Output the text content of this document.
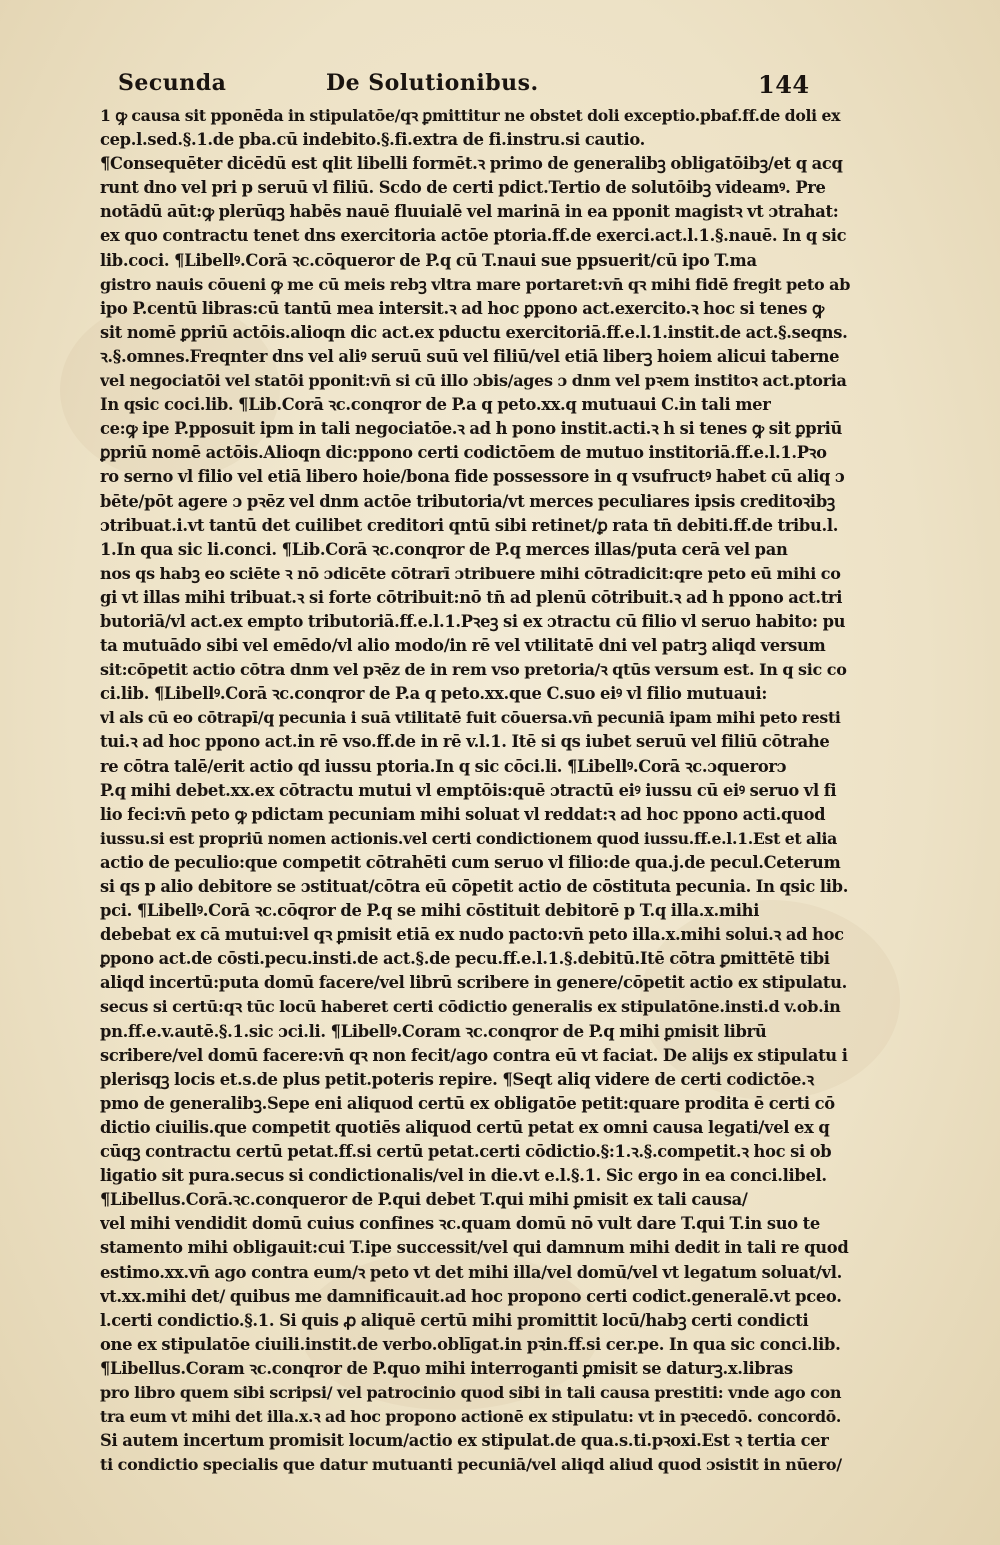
Secunda	De Solutionibus.	144
1 ꝙ causa sit pponēda in stipulatōe/qꝛ ꝑmittitur ne obstet doli exceptio.pbaf.ff.de doli ex
cep.l.sed.§.1.de pba.cū indebito.§.fi.extra de fi.instru.si cautio.
¶Consequēter dicēdū est qlit libelli formēt.ꝛ primo de generalibꝫ obligatōibꝫ/et q acq
runt dno vel pri p seruū vl filiū. Scdo de certi pdict.Tertio de solutōibꝫ videamꝰ. Pre
notādū aūt:ꝙ plerūqꝫ habēs nauē fluuialē vel marinā in ea pponit magistꝛ vt ɔtrahat:
ex quo contractu tenet dns exercitoria actōe ptoria.ff.de exerci.act.l.1.§.nauē. In q sic
lib.coci. ¶Libellꝰ.Corā ꝛc.cōqueror de P.q cū T.naui sue ppsuerit/cū ipo T.ma
gistro nauis cōueni ꝙ me cū meis rebꝫ vltra mare portaret:vn̄ qꝛ mihi fidē fregit peto ab
ipo P.centū libras:cū tantū mea intersit.ꝛ ad hoc ꝑpono act.exercito.ꝛ hoc si tenes ꝙ
sit nomē ꝑpriū actōis.alioqn dic act.ex pductu exercitoriā.ff.e.l.1.instit.de act.§.seqns.
ꝛ.§.omnes.Freqnter dns vel aliꝰ seruū suū vel filiū/vel etiā liberꝫ hoiem alicui taberne
vel negociatōi vel statōi pponit:vn̄ si cū illo ɔbis/ages ɔ dnm vel pꝛem institoꝛ act.ptoria
In qsic coci.lib. ¶Lib.Corā ꝛc.conqror de P.a q peto.xx.q mutuaui C.in tali mer
ce:ꝙ ipe P.pposuit ipm in tali negociatōe.ꝛ ad h pono instit.acti.ꝛ h si tenes ꝙ sit ꝑpriū
ꝑpriū nomē actōis.Alioqn dic:ppono certi codictōem de mutuo institoriā.ff.e.l.1.Pꝛo
ro serno vl filio vel etiā libero hoie/bona fide possessore in q vsufructꝰ habet cū aliq ɔ
bēte/pōt agere ɔ pꝛēz vel dnm actōe tributoria/vt merces peculiares ipsis creditoꝛibꝫ
ɔtribuat.i.vt tantū det cuilibet creditori qntū sibi retinet/ꝑ rata tn̄ debiti.ff.de tribu.l.
1.In qua sic li.conci. ¶Lib.Corā ꝛc.conqror de P.q merces illas/puta cerā vel pan
nos qs habꝫ eo sciēte ꝛ nō ɔdicēte cōtrarī ɔtribuere mihi cōtradicit:qre peto eū mihi co
gi vt illas mihi tribuat.ꝛ si forte cōtribuit:nō tn̄ ad plenū cōtribuit.ꝛ ad h ppono act.tri
butoriā/vl act.ex empto tributoriā.ff.e.l.1.Pꝛeꝫ si ex ɔtractu cū filio vl seruo habito: pu
ta mutuādo sibi vel emēdo/vl alio modo/in rē vel vtilitatē dni vel patrꝫ aliqd versum
sit:cōpetit actio cōtra dnm vel pꝛēz de in rem vso pretoria/ꝛ qtūs versum est. In q sic co
ci.lib. ¶Libellꝰ.Corā ꝛc.conqror de P.a q peto.xx.que C.suo eiꝰ vl filio mutuaui:
vl als cū eo cōtrapī/q pecunia i suā vtilitatē fuit cōuersa.vn̄ pecuniā ipam mihi peto resti
tui.ꝛ ad hoc ppono act.in rē vso.ff.de in rē v.l.1. Itē si qs iubet seruū vel filiū cōtrahe
re cōtra talē/erit actio qd iussu ptoria.In q sic cōci.li. ¶Libellꝰ.Corā ꝛc.ɔquerorɔ
P.q mihi debet.xx.ex cōtractu mutui vl emptōis:quē ɔtractū eiꝰ iussu cū eiꝰ seruo vl fi
lio feci:vn̄ peto ꝙ pdictam pecuniam mihi soluat vl reddat:ꝛ ad hoc ppono acti.quod
iussu.si est propriū nomen actionis.vel certi condictionem quod iussu.ff.e.l.1.Est et alia
actio de peculio:que competit cōtrahēti cum seruo vl filio:de qua.j.de pecul.Ceterum
si qs p alio debitore se ɔstituat/cōtra eū cōpetit actio de cōstituta pecunia. In qsic lib.
pci. ¶Libellꝰ.Corā ꝛc.cōqror de P.q se mihi cōstituit debitorē p T.q illa.x.mihi
debebat ex cā mutui:vel qꝛ ꝑmisit etiā ex nudo pacto:vn̄ peto illa.x.mihi solui.ꝛ ad hoc
ꝑpono act.de cōsti.pecu.insti.de act.§.de pecu.ff.e.l.1.§.debitū.Itē cōtra ꝑmittētē tibi
aliqd incertū:puta domū facere/vel librū scribere in genere/cōpetit actio ex stipulatu.
secus si certū:qꝛ tūc locū haberet certi cōdictio generalis ex stipulatōne.insti.d v.ob.in
pn.ff.e.v.autē.§.1.sic ɔci.li. ¶Libellꝰ.Coram ꝛc.conqror de P.q mihi ꝑmisit librū
scribere/vel domū facere:vn̄ qꝛ non fecit/ago contra eū vt faciat. De alijs ex stipulatu i
plerisqꝫ locis et.s.de plus petit.poteris repire. ¶Seqt aliq videre de certi codictōe.ꝛ
pmo de generalibꝫ.Sepe eni aliquod certū ex obligatōe petit:quare prodita ē certi cō
dictio ciuilis.que competit quotiēs aliquod certū petat ex omni causa legati/vel ex q
cūqꝫ contractu certū petat.ff.si certū petat.certi cōdictio.§:1.ꝛ.§.competit.ꝛ hoc si ob
ligatio sit pura.secus si condictionalis/vel in die.vt e.l.§.1. Sic ergo in ea conci.libel.
¶Libellus.Corā.ꝛc.conqueror de P.qui debet T.qui mihi ꝑmisit ex tali causa/
vel mihi vendidit domū cuius confines ꝛc.quam domū nō vult dare T.qui T.in suo te
stamento mihi obligauit:cui T.ipe successit/vel qui damnum mihi dedit in tali re quod
estimo.xx.vn̄ ago contra eum/ꝛ peto vt det mihi illa/vel domū/vel vt legatum soluat/vl.
vt.xx.mihi det/ quibus me damnificauit.ad hoc propono certi codict.generalē.vt pceo.
l.certi condictio.§.1. Si quis ꝓ aliquē certū mihi promittit locū/habꝫ certi condicti
one ex stipulatōe ciuili.instit.de verbo.oblīgat.in pꝛin.ff.si cer.pe. In qua sic conci.lib.
¶Libellus.Coram ꝛc.conqror de P.quo mihi interroganti ꝑmisit se daturꝫ.x.libras
pro libro quem sibi scripsi/ vel patrocinio quod sibi in tali causa prestiti: vnde ago con
tra eum vt mihi det illa.x.ꝛ ad hoc propono actionē ex stipulatu: vt in pꝛecedō. concordō.
Si autem incertum promisit locum/actio ex stipulat.de qua.s.ti.pꝛoxi.Est ꝛ tertia cer
ti condictio specialis que datur mutuanti pecuniā/vel aliqd aliud quod ɔsistit in nūero/
